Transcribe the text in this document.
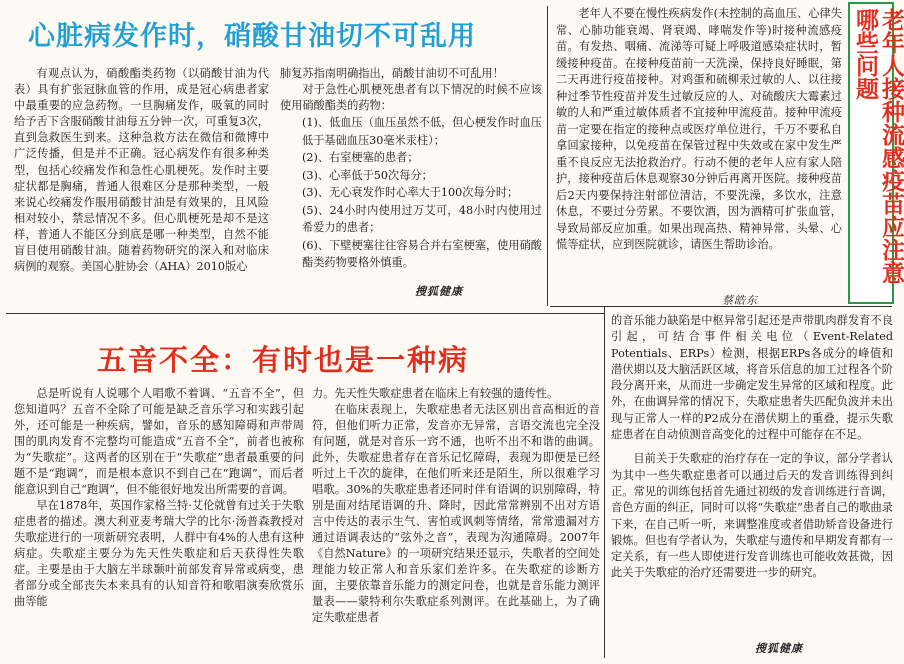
心脏病发作时，硝酸甘油切不可乱用

有观点认为，硝酸酯类药物（以硝酸甘油为代表）具有扩张冠脉血管的作用，成是冠心病患者家中最重要的应急药物。一旦胸痛发作，吸氧的同时给予舌下含服硝酸甘油每五分钟一次，可重复3次，直到急救医生到来。这种急救方法在微信和微博中广泛传播，但是并不正确。冠心病发作有很多种类型，包括心绞痛发作和急性心肌梗死。发作时主要症状都是胸痛，普通人很难区分是那种类型，一般来说心绞痛发作服用硝酸甘油是有效果的，且风险相对较小，禁忌情况不多。但心肌梗死是却不是这样，普通人不能区分到底是哪一种类型，自然不能盲目使用硝酸甘油。随着药物研究的深入和对临床病例的观察。美国心脏协会（AHA）2010版心

肺复苏指南明确指出，硝酸甘油切不可乱用！

对于急性心肌梗死患者有以下情况的时候不应该使用硝酸酯类的药物：

(1)、低血压（血压虽然不低，但心梗发作时血压低于基础血压30毫米汞柱）；

(2)、右室梗塞的患者；

(3)、心率低于50次每分；

(3)、无心衰发作时心率大于100次每分时；

(5)、24小时内使用过万艾可，48小时内使用过希爱力的患者；

(6)、下壁梗塞往往容易合并右室梗塞，使用硝酸酯类药物要格外慎重。

搜狐健康

老年人不要在慢性疾病发作(未控制的高血压、心律失常、心肺功能衰竭、肾衰竭、哮喘发作等)时接种流感疫苗。有发热、咽痛、流涕等可疑上呼吸道感染症状时，暂缓接种疫苗。在接种疫苗前一天洗澡，保持良好睡眠，第二天再进行疫苗接种。对鸡蛋和硫柳汞过敏的人、以往接种过季节性疫苗并发生过敏反应的人、对硫酸庆大霉素过敏的人和严重过敏体质者不宜接种甲流疫苗。接种甲流疫苗一定要在指定的接种点或医疗单位进行，千万不要私自拿回家接种，以免疫苗在保管过程中失效或在家中发生严重不良反应无法抢救治疗。行动不便的老年人应有家人陪护，接种疫苗后休息观察30分钟后再离开医院。接种疫苗后2天内要保持注射部位清洁，不要洗澡，多饮水，注意休息，不要过分劳累。不要饮酒，因为酒精可扩张血管，导致局部反应加重。如果出现高热、精神异常、头晕、心慌等症状，应到医院就诊，请医生帮助诊治。	老年人接种流感疫苗应注意哪些问题
蔡皓东
五音不全：有时也是一种病

总是听说有人说哪个人唱歌不着调、“五音不全”，但您知道吗？五音不全除了可能是缺乏音乐学习和实践引起外，还可能是一种疾病，譬如，音乐的感知障碍和声带周围的肌肉发育不完整均可能造成“五音不全”，前者也被称为“失歌症”。这两者的区别在于“失歌症”患者最重要的问题不是“跑调”，而是根本意识不到自己在“跑调”，而后者能意识到自己“跑调”，但不能很好地发出所需要的音调。

早在1878年，英国作家格兰特·艾伦就曾有过关于失歌症患者的描述。澳大利亚麦考瑞大学的比尔·汤普森教授对失歌症进行的一项新研究表明，人群中有4%的人患有这种病症。失歌症主要分为先天性失歌症和后天获得性失歌症。主要是由于大脑左半球颞叶前部发育异常或病变，患者部分或全部丧失本来具有的认知音符和歌唱演奏欣赏乐曲等能

力。先天性失歌症患者在临床上有较强的遗传性。

在临床表现上，失歌症患者无法区别出音高相近的音符，但他们听力正常，发音亦无异常，言语交流也完全没有问题，就是对音乐一窍不通，也听不出不和谐的曲调。此外，失歌症患者存在音乐记忆障碍，表现为即便是已经听过上千次的旋律，在他们听来还是陌生，所以很难学习唱歌。30%的失歌症患者还同时伴有语调的识别障碍，特别是面对结尾语调的升、降时，因此常常辨别不出对方语言中传达的表示生气、害怕或讽刺等情绪，常常遗漏对方通过语调表达的“弦外之音”，表现为沟通障碍。2007年《自然Nature》的一项研究结果还显示，失歌者的空间处理能力较正常人和音乐家们差许多。在失歌症的诊断方面，主要依靠音乐能力的测定问卷，也就是音乐能力测评量表——蒙特利尔失歌症系列测评。在此基础上，为了确定失歌症患者

的音乐能力缺陷是中枢异常引起还是声带肌肉群发育不良引起，可结合事件相关电位（Event-Related Potentials、ERPs）检测，根据ERPs各成分的峰值和潜伏期以及大脑活跃区域，将音乐信息的加工过程各个阶段分离开来，从而进一步确定发生异常的区域和程度。此外，在曲调异常的情况下，失歌症患者失匹配负波并未出现与正常人一样的P2成分在潜伏期上的重叠，提示失歌症患者在自动侦测音高变化的过程中可能存在不足。

目前关于失歌症的治疗存在一定的争议，部分学者认为其中一些失歌症患者可以通过后天的发音训练得到纠正。常见的训练包括首先通过初级的发音训练进行音调，音色方面的纠正，同时可以将“失歌症”患者自己的歌曲录下来，在自己听一听，来调整准度或者借助矫音设备进行锻炼。但也有学者认为，失歌症与遗传和早期发育都有一定关系，有一些人即使进行发音训练也可能收效甚微，因此关于失歌症的治疗还需要进一步的研究。

搜狐健康
